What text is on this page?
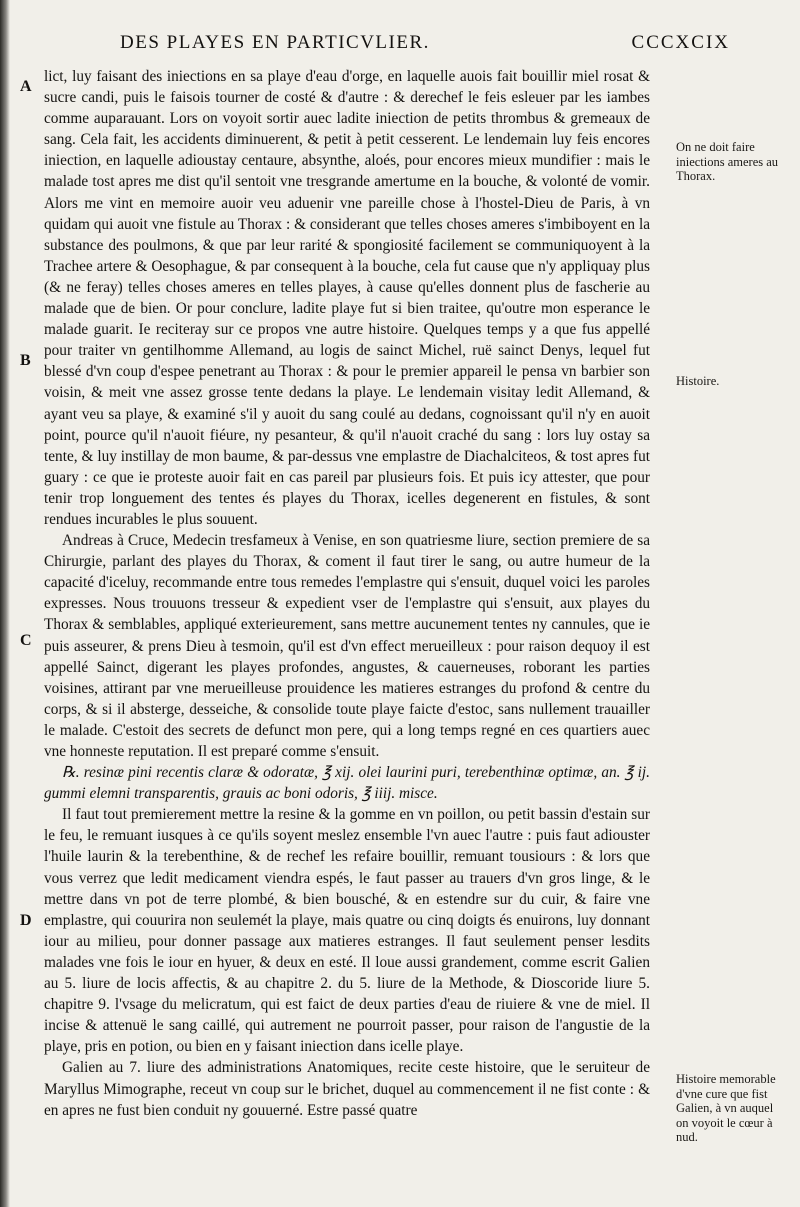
DES PLAYES EN PARTICVLIER.	CCCXCIX
A
B
C
D
On ne doit faire iniections ameres au Thorax.
Histoire.
Histoire memorable d'vne cure que fist Galien, à vn auquel on voyoit le cœur à nud.

lict, luy faisant des iniections en sa playe d'eau d'orge, en laquelle auois fait bouillir miel rosat & sucre candi, puis le faisois tourner de costé & d'autre : & derechef le feis esleuer par les iambes comme auparauant. Lors on voyoit sortir auec ladite iniection de petits thrombus & gremeaux de sang. Cela fait, les accidents diminuerent, & petit à petit cesserent. Le lendemain luy feis encores iniection, en laquelle adioustay centaure, absynthe, aloés, pour encores mieux mundifier : mais le malade tost apres me dist qu'il sentoit vne tresgrande amertume en la bouche, & volonté de vomir. Alors me vint en memoire auoir veu aduenir vne pareille chose à l'hostel-Dieu de Paris, à vn quidam qui auoit vne fistule au Thorax : & considerant que telles choses ameres s'imbiboyent en la substance des poulmons, & que par leur rarité & spongiosité facilement se communiquoyent à la Trachee artere & Oesophague, & par consequent à la bouche, cela fut cause que n'y appliquay plus (& ne feray) telles choses ameres en telles playes, à cause qu'elles donnent plus de fascherie au malade que de bien. Or pour conclure, ladite playe fut si bien traitee, qu'outre mon esperance le malade guarit. Ie reciteray sur ce propos vne autre histoire. Quelques temps y a que fus appellé pour traiter vn gentilhomme Allemand, au logis de sainct Michel, ruë sainct Denys, lequel fut blessé d'vn coup d'espee penetrant au Thorax : & pour le premier appareil le pensa vn barbier son voisin, & meit vne assez grosse tente dedans la playe. Le lendemain visitay ledit Allemand, & ayant veu sa playe, & examiné s'il y auoit du sang coulé au dedans, cognoissant qu'il n'y en auoit point, pource qu'il n'auoit fiéure, ny pesanteur, & qu'il n'auoit craché du sang : lors luy ostay sa tente, & luy instillay de mon baume, & par-dessus vne emplastre de Diachalciteos, & tost apres fut guary : ce que ie proteste auoir fait en cas pareil par plusieurs fois. Et puis icy attester, que pour tenir trop longuement des tentes és playes du Thorax, icelles degenerent en fistules, & sont rendues incurables le plus souuent.

Andreas à Cruce, Medecin tresfameux à Venise, en son quatriesme liure, section premiere de sa Chirurgie, parlant des playes du Thorax, & coment il faut tirer le sang, ou autre humeur de la capacité d'iceluy, recommande entre tous remedes l'emplastre qui s'ensuit, duquel voici les paroles expresses. Nous trouuons tresseur & expedient vser de l'emplastre qui s'ensuit, aux playes du Thorax & semblables, appliqué exterieurement, sans mettre aucunement tentes ny cannules, que ie puis asseurer, & prens Dieu à tesmoin, qu'il est d'vn effect merueilleux : pour raison dequoy il est appellé Sainct, digerant les playes profondes, angustes, & cauerneuses, roborant les parties voisines, attirant par vne merueilleuse prouidence les matieres estranges du profond & centre du corps, & si il absterge, desseiche, & consolide toute playe faicte d'estoc, sans nullement trauailler le malade. C'estoit des secrets de defunct mon pere, qui a long temps regné en ces quartiers auec vne honneste reputation. Il est preparé comme s'ensuit.

℞. resinæ pini recentis claræ & odoratæ, ℥ xij. olei laurini puri, terebenthinæ optimæ, an. ℥ ij. gummi elemni transparentis, grauis ac boni odoris, ℥ iiij. misce.

Il faut tout premierement mettre la resine & la gomme en vn poillon, ou petit bassin d'estain sur le feu, le remuant iusques à ce qu'ils soyent meslez ensemble l'vn auec l'autre : puis faut adiouster l'huile laurin & la terebenthine, & de rechef les refaire bouillir, remuant tousiours : & lors que vous verrez que ledit medicament viendra espés, le faut passer au trauers d'vn gros linge, & le mettre dans vn pot de terre plombé, & bien bousché, & en estendre sur du cuir, & faire vne emplastre, qui couurira non seulemét la playe, mais quatre ou cinq doigts és enuirons, luy donnant iour au milieu, pour donner passage aux matieres estranges. Il faut seulement penser lesdits malades vne fois le iour en hyuer, & deux en esté. Il loue aussi grandement, comme escrit Galien au 5. liure de locis affectis, & au chapitre 2. du 5. liure de la Methode, & Dioscoride liure 5. chapitre 9. l'vsage du melicratum, qui est faict de deux parties d'eau de riuiere & vne de miel. Il incise & attenuë le sang caillé, qui autrement ne pourroit passer, pour raison de l'angustie de la playe, pris en potion, ou bien en y faisant iniection dans icelle playe.

Galien au 7. liure des administrations Anatomiques, recite ceste histoire, que le seruiteur de Maryllus Mimographe, receut vn coup sur le brichet, duquel au commencement il ne fist conte : & en apres ne fust bien conduit ny gouuerné. Estre passé quatre
